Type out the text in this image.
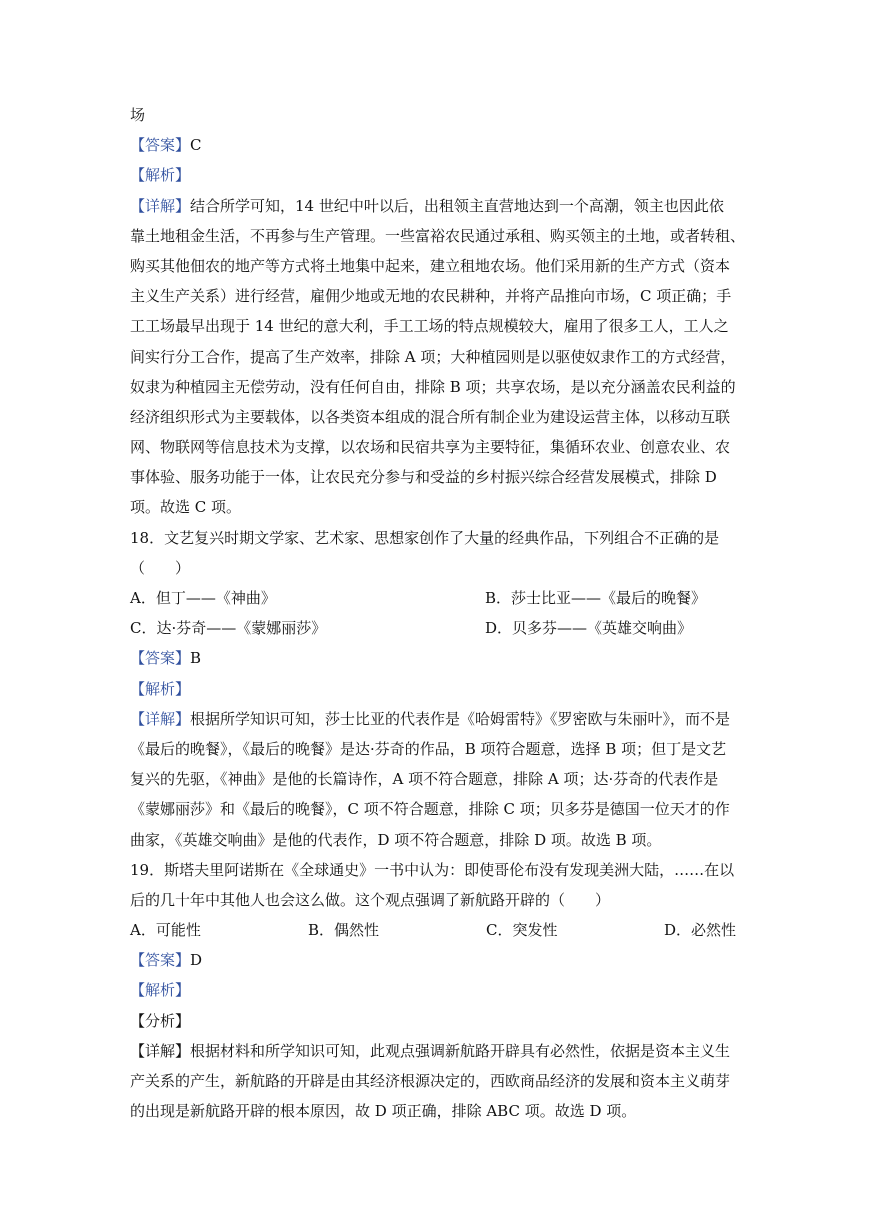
场
【答案】C
【解析】
【详解】结合所学可知，14 世纪中叶以后，出租领主直营地达到一个高潮，领主也因此依
靠土地租金生活，不再参与生产管理。一些富裕农民通过承租、购买领主的土地，或者转租、
购买其他佃农的地产等方式将土地集中起来，建立租地农场。他们采用新的生产方式（资本
主义生产关系）进行经营，雇佣少地或无地的农民耕种，并将产品推向市场，C 项正确；手
工工场最早出现于 14 世纪的意大利，手工工场的特点规模较大，雇用了很多工人，工人之
间实行分工合作，提高了生产效率，排除 A 项；大种植园则是以驱使奴隶作工的方式经营，
奴隶为种植园主无偿劳动，没有任何自由，排除 B 项；共享农场，是以充分涵盖农民利益的
经济组织形式为主要载体，以各类资本组成的混合所有制企业为建设运营主体，以移动互联
网、物联网等信息技术为支撑，以农场和民宿共享为主要特征，集循环农业、创意农业、农
事体验、服务功能于一体，让农民充分参与和受益的乡村振兴综合经营发展模式，排除 D
项。故选 C 项。
18．文艺复兴时期文学家、艺术家、思想家创作了大量的经典作品，下列组合不正确的是
（　　）
A．但丁——《神曲》	B．莎士比亚——《最后的晚餐》
C．达·芬奇——《蒙娜丽莎》	D．贝多芬——《英雄交响曲》
【答案】B
【解析】
【详解】根据所学知识可知，莎士比亚的代表作是《哈姆雷特》《罗密欧与朱丽叶》，而不是
《最后的晚餐》，《最后的晚餐》是达·芬奇的作品，B 项符合题意，选择 B 项；但丁是文艺
复兴的先驱，《神曲》是他的长篇诗作，A 项不符合题意，排除 A 项；达·芬奇的代表作是
《蒙娜丽莎》和《最后的晚餐》，C 项不符合题意，排除 C 项；贝多芬是德国一位天才的作
曲家，《英雄交响曲》是他的代表作，D 项不符合题意，排除 D 项。故选 B 项。
19．斯塔夫里阿诺斯在《全球通史》一书中认为：即使哥伦布没有发现美洲大陆，……在以
后的几十年中其他人也会这么做。这个观点强调了新航路开辟的（　　）
A．可能性	B．偶然性	C．突发性	D．必然性
【答案】D
【解析】
【分析】
【详解】根据材料和所学知识可知，此观点强调新航路开辟具有必然性，依据是资本主义生
产关系的产生，新航路的开辟是由其经济根源决定的，西欧商品经济的发展和资本主义萌芽
的出现是新航路开辟的根本原因，故 D 项正确，排除 ABC 项。故选 D 项。
